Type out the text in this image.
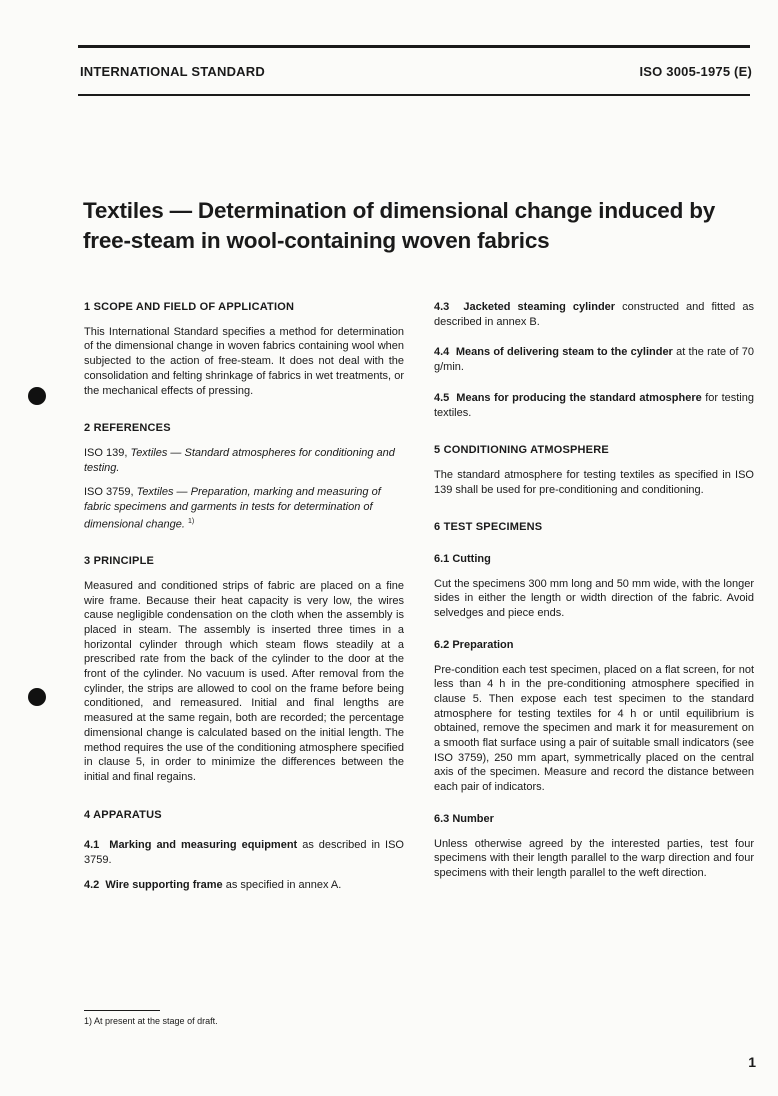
INTERNATIONAL STANDARD	ISO 3005-1975 (E)
Textiles — Determination of dimensional change induced by
free-steam in wool-containing woven fabrics

1 SCOPE AND FIELD OF APPLICATION

This International Standard specifies a method for determination of the dimensional change in woven fabrics containing wool when subjected to the action of free-steam. It does not deal with the consolidation and felting shrinkage of fabrics in wet treatments, or the mechanical effects of pressing.

2 REFERENCES

ISO 139, Textiles — Standard atmospheres for conditioning and testing.

ISO 3759, Textiles — Preparation, marking and measuring of fabric specimens and garments in tests for determination of dimensional change. $^{1)}$

3 PRINCIPLE

Measured and conditioned strips of fabric are placed on a fine wire frame. Because their heat capacity is very low, the wires cause negligible condensation on the cloth when the assembly is placed in steam. The assembly is inserted three times in a horizontal cylinder through which steam flows steadily at a prescribed rate from the back of the cylinder to the door at the front of the cylinder. No vacuum is used. After removal from the cylinder, the strips are allowed to cool on the frame before being conditioned, and remeasured. Initial and final lengths are measured at the same regain, both are recorded; the percentage dimensional change is calculated based on the initial length. The method requires the use of the conditioning atmosphere specified in clause 5, in order to minimize the differences between the initial and final regains.

4 APPARATUS

4.1 Marking and measuring equipment as described in ISO 3759.

4.2 Wire supporting frame as specified in annex A.

4.3 Jacketed steaming cylinder constructed and fitted as described in annex B.

4.4 Means of delivering steam to the cylinder at the rate of 70 g/min.

4.5 Means for producing the standard atmosphere for testing textiles.

5 CONDITIONING ATMOSPHERE

The standard atmosphere for testing textiles as specified in ISO 139 shall be used for pre-conditioning and conditioning.

6 TEST SPECIMENS

6.1 Cutting

Cut the specimens 300 mm long and 50 mm wide, with the longer sides in either the length or width direction of the fabric. Avoid selvedges and piece ends.

6.2 Preparation

Pre-condition each test specimen, placed on a flat screen, for not less than 4 h in the pre-conditioning atmosphere specified in clause 5. Then expose each test specimen to the standard atmosphere for testing textiles for 4 h or until equilibrium is obtained, remove the specimen and mark it for measurement on a smooth flat surface using a pair of suitable small indicators (see ISO 3759), 250 mm apart, symmetrically placed on the central axis of the specimen. Measure and record the distance between each pair of indicators.

6.3 Number

Unless otherwise agreed by the interested parties, test four specimens with their length parallel to the warp direction and four specimens with their length parallel to the weft direction.

1) At present at the stage of draft.
1
